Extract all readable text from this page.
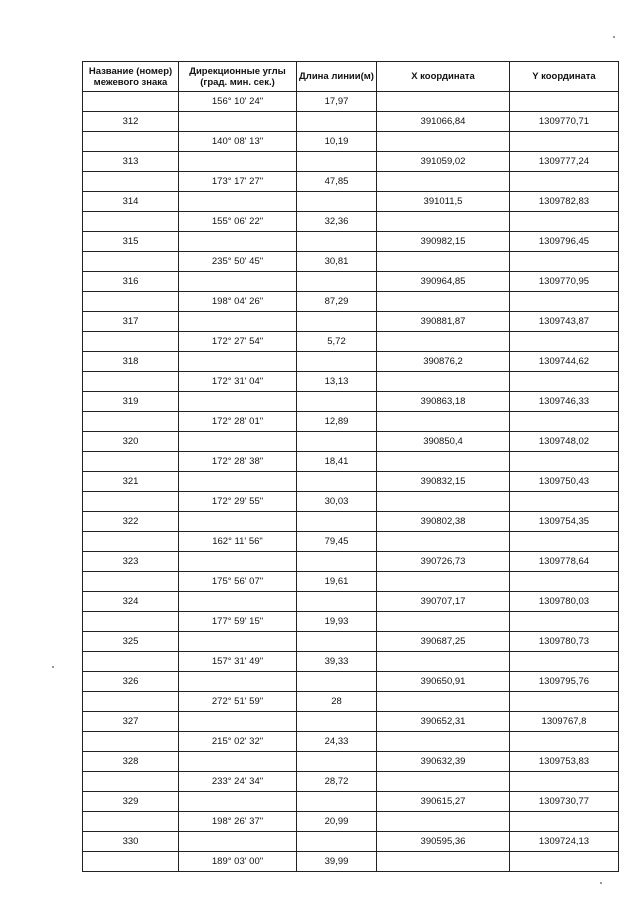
Название (номер) межевого знака	Дирекционные углы (град. мин. сек.)	Длина линии(м)	X координата	Y координата
	156° 10' 24"	17,97		
312			391066,84	1309770,71
	140° 08' 13"	10,19		
313			391059,02	1309777,24
	173° 17' 27"	47,85		
314			391011,5	1309782,83
	155° 06' 22"	32,36		
315			390982,15	1309796,45
	235° 50' 45"	30,81		
316			390964,85	1309770,95
	198° 04' 26"	87,29		
317			390881,87	1309743,87
	172° 27' 54"	5,72		
318			390876,2	1309744,62
	172° 31' 04"	13,13		
319			390863,18	1309746,33
	172° 28' 01"	12,89		
320			390850,4	1309748,02
	172° 28' 38"	18,41		
321			390832,15	1309750,43
	172° 29' 55"	30,03		
322			390802,38	1309754,35
	162° 11' 56"	79,45		
323			390726,73	1309778,64
	175° 56' 07"	19,61		
324			390707,17	1309780,03
	177° 59' 15"	19,93		
325			390687,25	1309780,73
	157° 31' 49"	39,33		
326			390650,91	1309795,76
	272° 51' 59"	28		
327			390652,31	1309767,8
	215° 02' 32"	24,33		
328			390632,39	1309753,83
	233° 24' 34"	28,72		
329			390615,27	1309730,77
	198° 26' 37"	20,99		
330			390595,36	1309724,13
	189° 03' 00"	39,99		
